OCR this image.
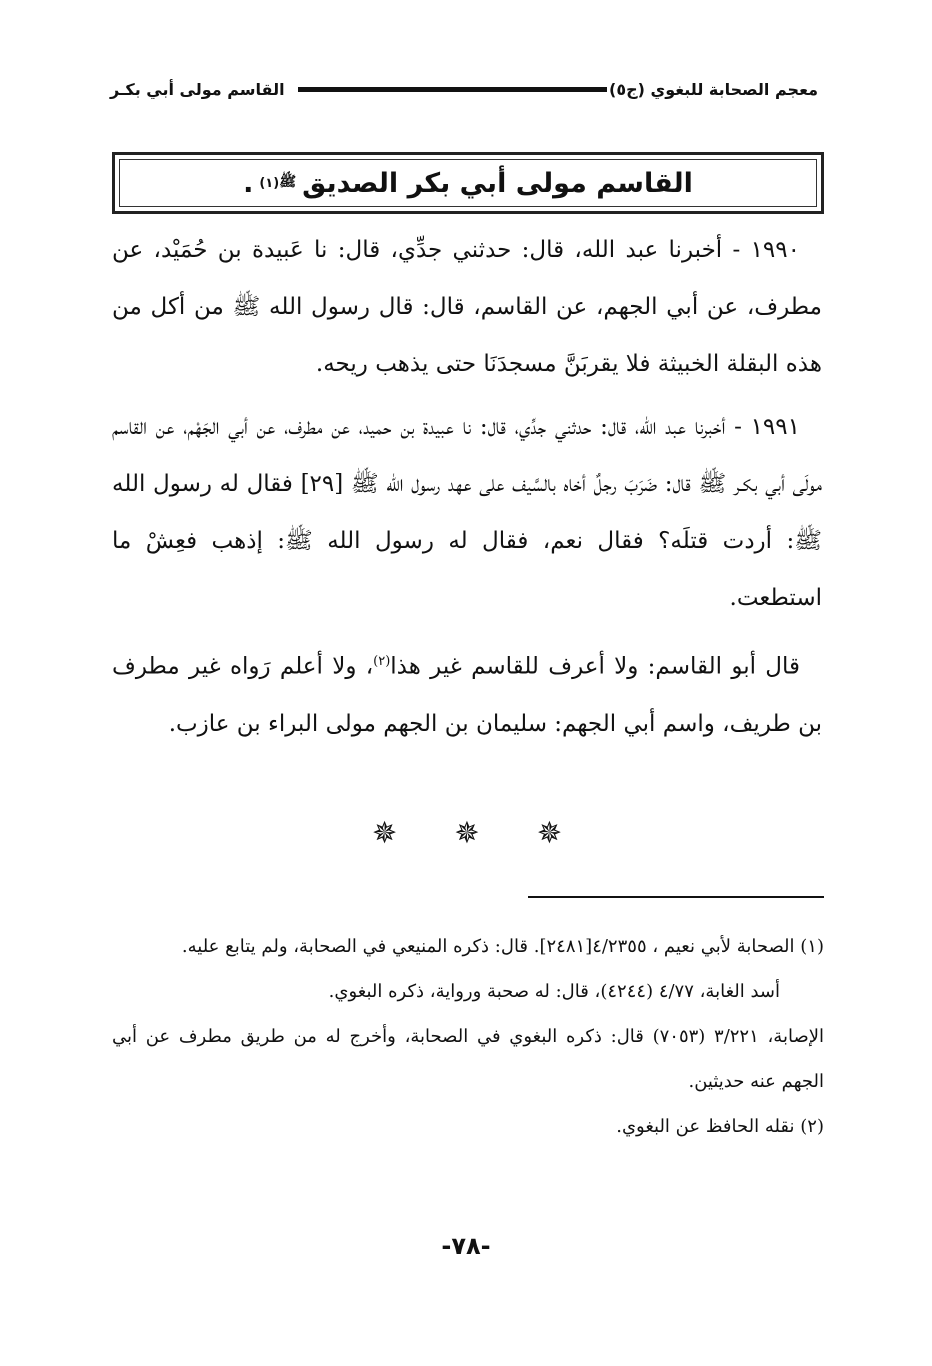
معجم الصحابة للبغوي (ج٥)
القاسم مولى أبي بكـر
القاسم مولى أبي بكر الصديق
ﷺ
(١)
.

١٩٩٠ - أخبرنا عبد الله، قال: حدثني جدِّي، قال: نا عَبيدة بن حُمَيْد، عن مطرف، عن أبي الجهم، عن القاسم، قال: قال رسول الله ﷺ من أكل من هذه البقلة الخبيثة فلا يقربَنَّ مسجدَنَا حتى يذهب ريحه.

١٩٩١ - أخبرنا عبد الله، قال: حدثني جدِّي، قال: نا عبيدة بن حميد، عن مطرف، عن أبي الجَهْم، عن القاسم مولَى أبي بكـر ﷺ قال: ضَرَبَ رجلٌ أخاه بالسَّيف على عهد رسول الله ﷺ [٢٩] فقال له رسول الله ﷺ: أردت قتلَه؟ فقال نعم، فقال له رسول الله ﷺ: إذهب فعِشْ ما استطعت.

قال أبو القاسم: ولا أعرف للقاسم غير هذا$^{(٢)}$، ولا أعلم رَواه غير مطرف بن طريف، واسم أبي الجهم: سليمان بن الجهم مولى البراء بن عازب.

✵ ✵ ✵

(١) الصحابة لأبي نعيم ، ٤/٢٣٥٥[٢٤٨١]. قال: ذكره المنيعي في الصحابة، ولم يتابع عليه.

أسد الغابة، ٤/٧٧ (٤٢٤٤)، قال: له صحبة ورواية، ذكره البغوي.

الإصابة، ٣/٢٢١ (٧٠٥٣) قال: ذكره البغوي في الصحابة، وأخرج له من طريق مطرف عن أبي الجهم عنه حديثين.

(٢) نقله الحافظ عن البغوي.

-٧٨-
